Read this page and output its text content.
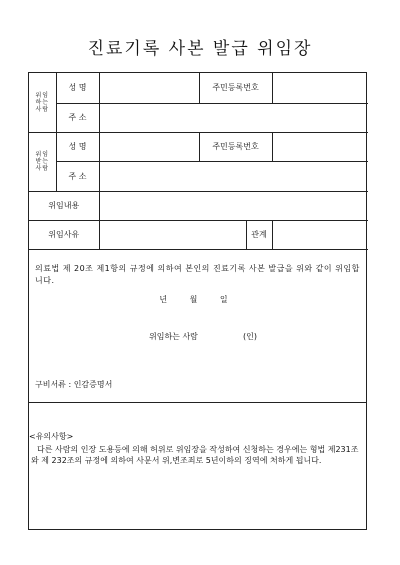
진료기록 사본 발급 위임장
위임
하는
사람	성 명		주민등록번호		
	주 소				
위임
받는
사람	성 명		주민등록번호		
	주 소				
위임내용					
위임사유				관계	
의료법 제 20조 제1항의 규정에 의하여 본인의 진료기록 사본 발급을 위와 같이 위임합니다.
년 월 일
위임하는 사람	(인)
구비서류 : 인감증명서
<유의사항>
다른 사람의 인장 도용등에 의해 허위로 위임장을 작성하여 신청하는 경우에는 형법 제231조와 제 232조의 규정에 의하여 사문서 위,변조죄로 5년이하의 징역에 처하게 됩니다.
